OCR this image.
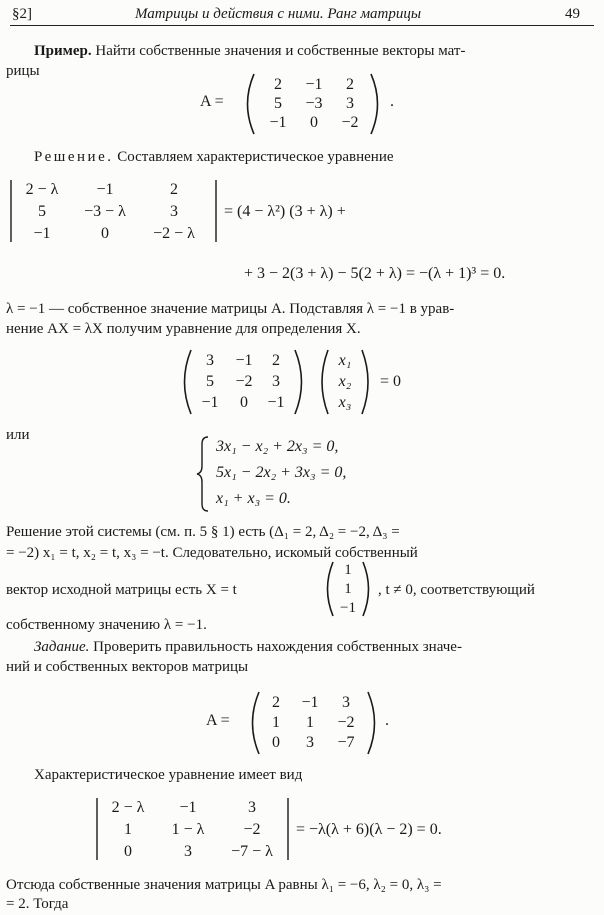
§2]	Матрицы и действия с ними. Ранг матрицы	49
Пример. Найти собственные значения и собственные векторы мат-
рицы
A =
2	−1	2
5	−3	3
−1	0	−2
.
Решение. Составляем характеристическое уравнение
2 − λ	−1	2
5	−3 − λ	3
−1	0	−2 − λ
= (4 − λ²) (3 + λ) +
+ 3 − 2(3 + λ) − 5(2 + λ) = −(λ + 1)³ = 0.
λ = −1 — собственное значение матрицы A. Подставляя λ = −1 в урав-
нение AX = λX получим уравнение для определения X.
3	−1	2
5	−2	3
−1	0	−1
x₁
x₂
x₃
= 0
или
3x₁ − x₂ + 2x₃ = 0,
5x₁ − 2x₂ + 3x₃ = 0,
x₁ + x₃ = 0.
Решение этой системы (см. п. 5 § 1) есть (Δ₁ = 2, Δ₂ = −2, Δ₃ =
= −2) x₁ = t, x₂ = t, x₃ = −t. Следовательно, искомый собственный
вектор исходной матрицы есть X = t
1
1
−1
, t ≠ 0, соответствующий
собственному значению λ = −1.
Задание. Проверить правильность нахождения собственных значе-
ний и собственных векторов матрицы
A =
2	−1	3
1	1	−2
0	3	−7
.
Характеристическое уравнение имеет вид
2 − λ	−1	3
1	1 − λ	−2
0	3	−7 − λ
= −λ(λ + 6)(λ − 2) = 0.
Отсюда собственные значения матрицы A равны λ₁ = −6, λ₂ = 0, λ₃ =
= 2. Тогда
